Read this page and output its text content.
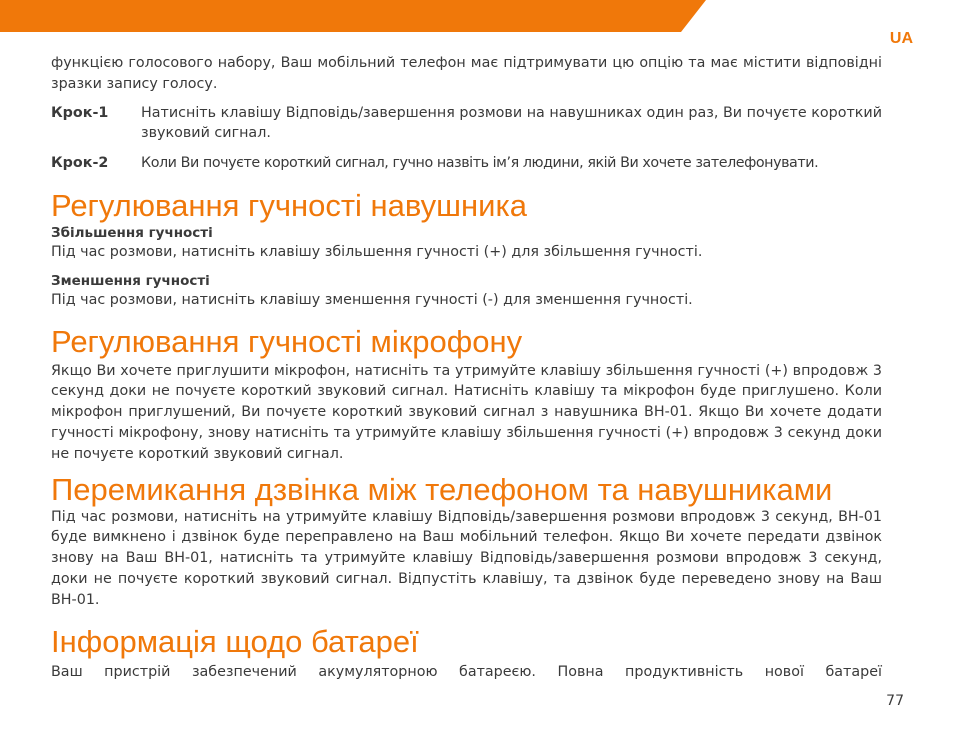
UA

функцією голосового набору, Ваш мобільний телефон має підтримувати цю опцію та має містити відповідні зразки запису голосу.

Крок-1	Натисніть клавішу Відповідь/завершення розмови на навушниках один раз, Ви почуєте короткий звуковий сигнал.
Крок-2	Коли Ви почуєте короткий сигнал, гучно назвіть ім’я людини, якій Ви хочете зателефонувати.
Регулювання гучності навушника
Збільшення гучності

Під час розмови, натисніть клавішу збільшення гучності (+) для збільшення гучності.

Зменшення гучності

Під час розмови, натисніть клавішу зменшення гучності (-) для зменшення гучності.

Регулювання гучності мікрофону

Якщо Ви хочете приглушити мікрофон, натисніть та утримуйте клавішу збільшення гучності (+) впродовж 3 секунд доки не почуєте короткий звуковий сигнал. Натисніть клавішу та мікрофон буде приглушено. Коли мікрофон приглушений, Ви почуєте короткий звуковий сигнал з навушника BH-01. Якщо Ви хочете додати гучності мікрофону, знову натисніть та утримуйте клавішу збільшення гучності (+) впродовж 3 секунд доки не почуєте короткий звуковий сигнал.

Перемикання дзвінка між телефоном та навушниками

Під час розмови, натисніть на утримуйте клавішу Відповідь/завершення розмови впродовж 3 секунд, BH-01 буде вимкнено і дзвінок буде переправлено на Ваш мобільний телефон. Якщо Ви хочете передати дзвінок знову на Ваш BH-01, натисніть та утримуйте клавішу Відповідь/завершення розмови впродовж 3 секунд, доки не почуєте короткий звуковий сигнал. Відпустіть клавішу, та дзвінок буде переведено знову на Ваш BH-01.

Інформація щодо батареї

Ваш пристрій забезпечений акумуляторною батареєю. Повна продуктивність нової батареї

77
